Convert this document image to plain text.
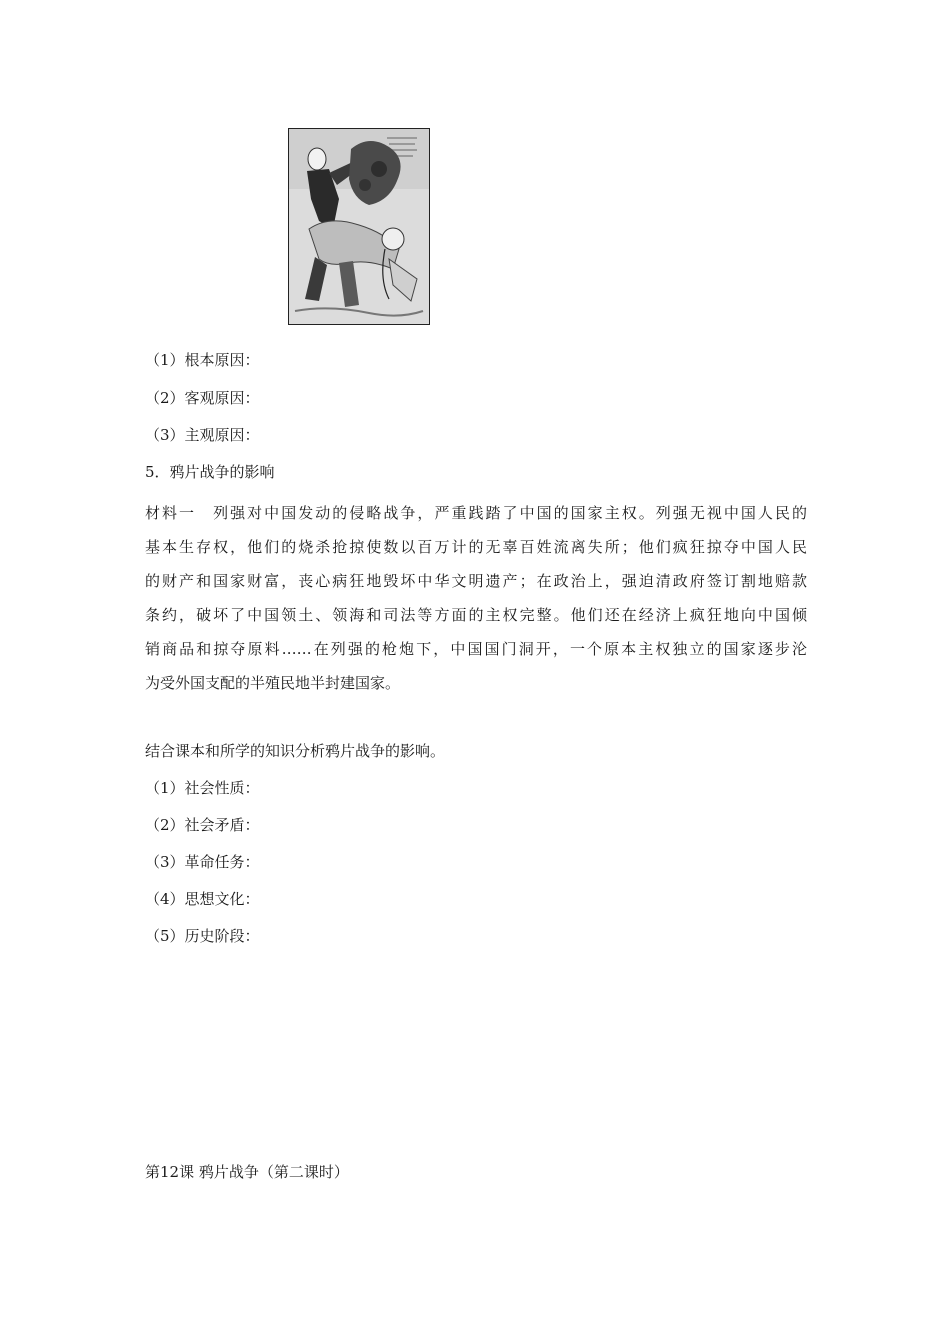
（1）根本原因：
（2）客观原因：
（3）主观原因：
5．鸦片战争的影响
材料一　列强对中国发动的侵略战争，严重践踏了中国的国家主权。列强无视中国人民的
基本生存权，他们的烧杀抢掠使数以百万计的无辜百姓流离失所；他们疯狂掠夺中国人民
的财产和国家财富，丧心病狂地毁坏中华文明遗产；在政治上，强迫清政府签订割地赔款
条约，破坏了中国领土、领海和司法等方面的主权完整。他们还在经济上疯狂地向中国倾
销商品和掠夺原料……在列强的枪炮下，中国国门洞开，一个原本主权独立的国家逐步沦
为受外国支配的半殖民地半封建国家。
结合课本和所学的知识分析鸦片战争的影响。
（1）社会性质：
（2）社会矛盾：
（3）革命任务：
（4）思想文化：
（5）历史阶段：
第12课 鸦片战争（第二课时）
